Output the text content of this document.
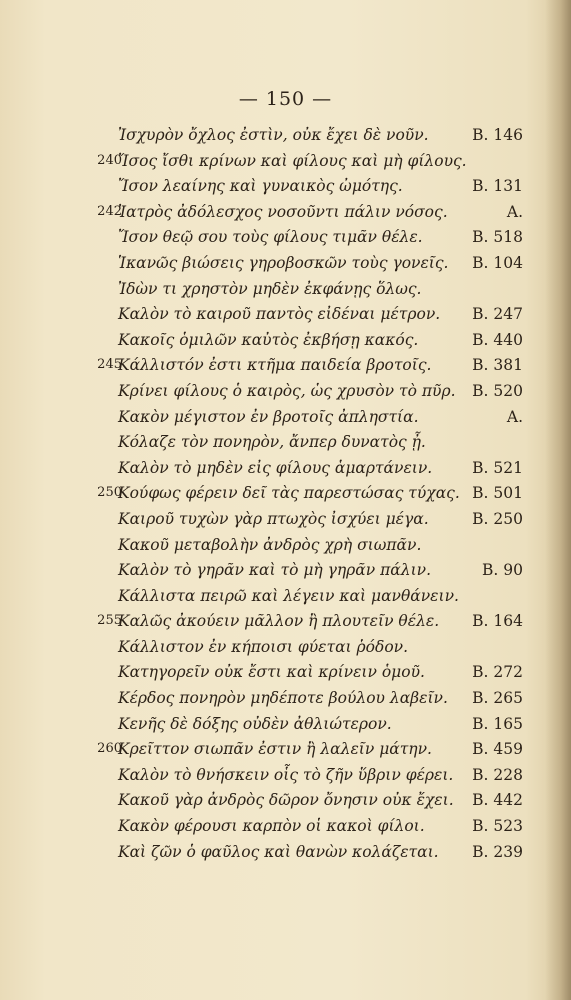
— 150 —
Ἰσχυρὸν ὄχλος ἐστὶν, οὐκ ἔχει δὲ νοῦν.	B. 146
240
Ἴσος ἴσθι κρίνων καὶ φίλους καὶ μὴ φίλους.
Ἴσον λεαίνης καὶ γυναικὸς ὠμότης.	B. 131
242
Ἰατρὸς ἀδόλεσχος νοσοῦντι πάλιν νόσος.	A.
Ἴσον θεῷ σου τοὺς φίλους τιμᾶν θέλε.	B. 518
Ἱκανῶς βιώσεις γηροβοσκῶν τοὺς γονεῖς. B. 104
Ἰδὼν τι χρηστὸν μηδὲν ἐκφάνῃς ὅλως.
Καλὸν τὸ καιροῦ παντὸς εἰδέναι μέτρον. B. 247
Κακοῖς ὁμιλῶν καὐτὸς ἐκβήσῃ κακός.	B. 440
245
Κάλλιστόν ἐστι κτῆμα παιδεία βροτοῖς.	B. 381
Κρίνει φίλους ὁ καιρὸς, ὡς χρυσὸν τὸ πῦρ. B. 520
Κακὸν μέγιστον ἐν βροτοῖς ἀπληστία.	A.
Κόλαζε τὸν πονηρὸν, ἄνπερ δυνατὸς ᾖ.
Καλὸν τὸ μηδὲν εἰς φίλους ἁμαρτάνειν.	B. 521
250
Κούφως φέρειν δεῖ τὰς παρεστώσας τύχας. B. 501
Καιροῦ τυχὼν γὰρ πτωχὸς ἰσχύει μέγα.	B. 250
Κακοῦ μεταβολὴν ἀνδρὸς χρὴ σιωπᾶν.
Καλὸν τὸ γηρᾶν καὶ τὸ μὴ γηρᾶν πάλιν.	B. 90
Κάλλιστα πειρῶ καὶ λέγειν καὶ μανθάνειν.
255
Καλῶς ἀκούειν μᾶλλον ἢ πλουτεῖν θέλε. B. 164
Κάλλιστον ἐν κήποισι φύεται ῥόδον.
Κατηγορεῖν οὐκ ἔστι καὶ κρίνειν ὁμοῦ.	B. 272
Κέρδος πονηρὸν μηδέποτε βούλου λαβεῖν. B. 265
Κενῆς δὲ δόξης οὐδὲν ἀθλιώτερον.	B. 165
260
Κρεῖττον σιωπᾶν ἐστιν ἢ λαλεῖν μάτην.	B. 459
Καλὸν τὸ θνήσκειν οἷς τὸ ζῆν ὕβριν φέρει. B. 228
Κακοῦ γὰρ ἀνδρὸς δῶρον ὄνησιν οὐκ ἔχει. B. 442
Κακὸν φέρουσι καρπὸν οἱ κακοὶ φίλοι.	B. 523
Καὶ ζῶν ὁ φαῦλος καὶ θανὼν κολάζεται. B. 239
